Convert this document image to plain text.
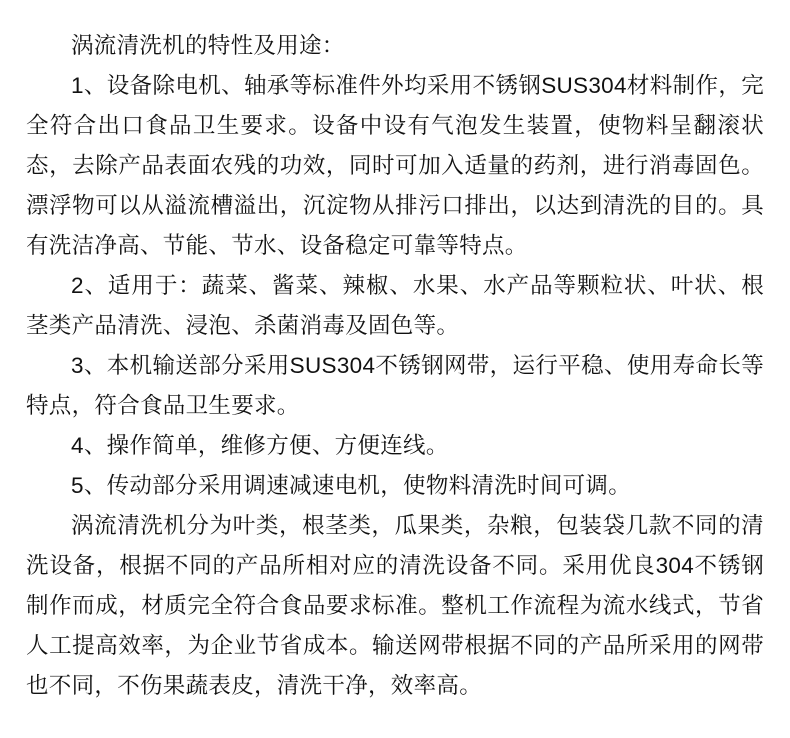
涡流清洗机的特性及用途：

1、设备除电机、轴承等标准件外均采用不锈钢SUS304材料制作，完全符合出口食品卫生要求。设备中设有气泡发生装置，使物料呈翻滚状态，去除产品表面农残的功效，同时可加入适量的药剂，进行消毒固色。漂浮物可以从溢流槽溢出，沉淀物从排污口排出，以达到清洗的目的。具有洗洁净高、节能、节水、设备稳定可靠等特点。

2、适用于：蔬菜、酱菜、辣椒、水果、水产品等颗粒状、叶状、根茎类产品清洗、浸泡、杀菌消毒及固色等。

3、本机输送部分采用SUS304不锈钢网带，运行平稳、使用寿命长等特点，符合食品卫生要求。

4、操作简单，维修方便、方便连线。

5、传动部分采用调速减速电机，使物料清洗时间可调。

涡流清洗机分为叶类，根茎类，瓜果类，杂粮，包装袋几款不同的清洗设备，根据不同的产品所相对应的清洗设备不同。采用优良304不锈钢制作而成，材质完全符合食品要求标准。整机工作流程为流水线式，节省人工提高效率，为企业节省成本。输送网带根据不同的产品所采用的网带也不同，不伤果蔬表皮，清洗干净，效率高。
